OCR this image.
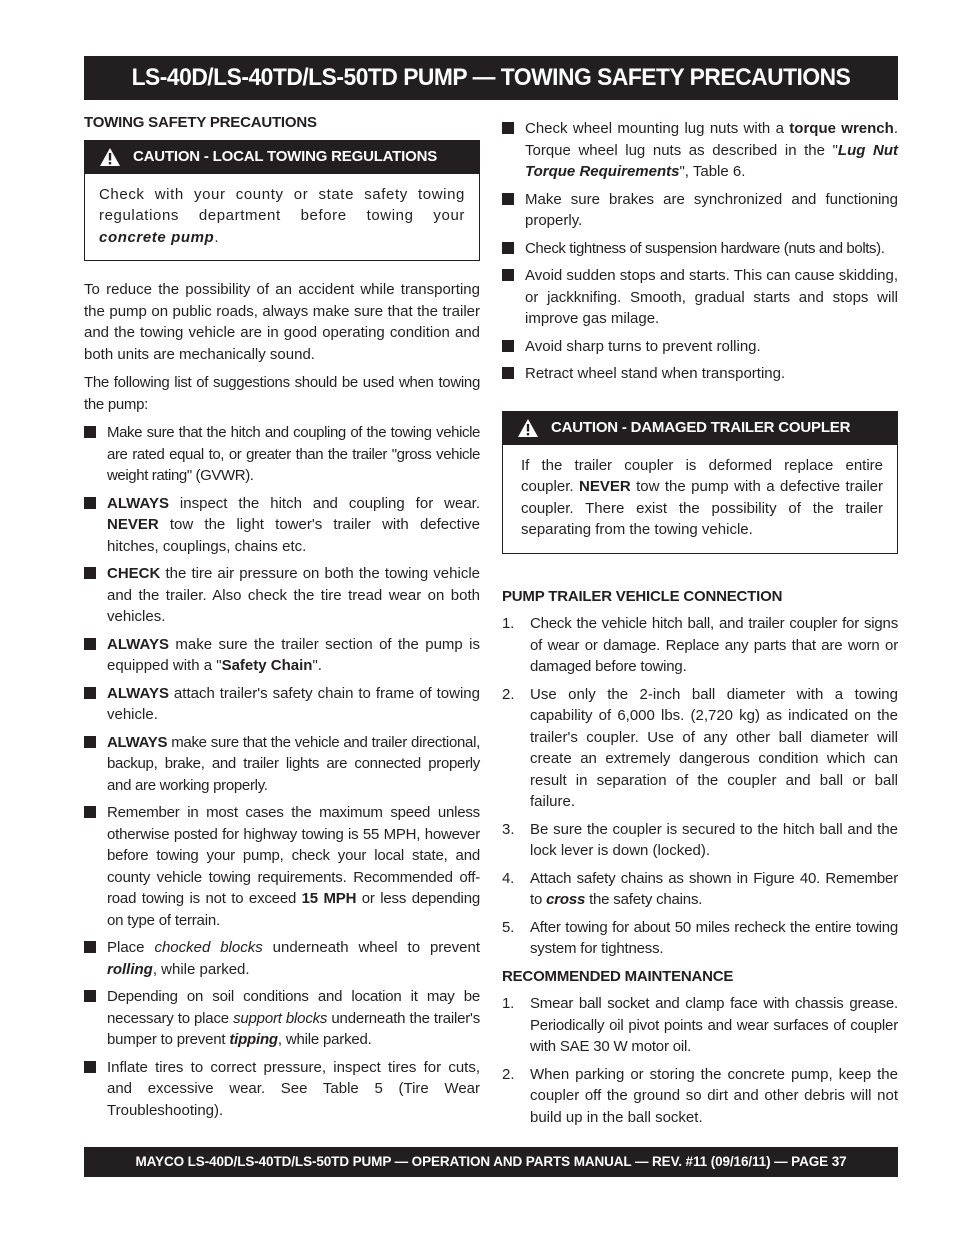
LS-40D/LS-40TD/LS-50TD PUMP — TOWING SAFETY PRECAUTIONS
TOWING SAFETY PRECAUTIONS
CAUTION - LOCAL TOWING REGULATIONS
Check with your county or state safety towing regulations department before towing your concrete pump.

To reduce the possibility of an accident while transporting the pump on public roads, always make sure that the trailer and the towing vehicle are in good operating condition and both units are mechanically sound.

The following list of suggestions should be used when towing the pump:

Make sure that the hitch and coupling of the towing vehicle are rated equal to, or greater than the trailer "gross vehicle weight rating" (GVWR).
ALWAYS inspect the hitch and coupling for wear. NEVER tow the light tower's trailer with defective hitches, couplings, chains etc.
CHECK the tire air pressure on both the towing vehicle and the trailer. Also check the tire tread wear on both vehicles.
ALWAYS make sure the trailer section of the pump is equipped with a "Safety Chain".
ALWAYS attach trailer's safety chain to frame of towing vehicle.
ALWAYS make sure that the vehicle and trailer directional, backup, brake, and trailer lights are connected properly and are working properly.
Remember in most cases the maximum speed unless otherwise posted for highway towing is 55 MPH, however before towing your pump, check your local state, and county vehicle towing requirements. Recommended off-road towing is not to exceed 15 MPH or less depending on type of terrain.
Place chocked blocks underneath wheel to prevent rolling, while parked.
Depending on soil conditions and location it may be necessary to place support blocks underneath the trailer's bumper to prevent tipping, while parked.
Inflate tires to correct pressure, inspect tires for cuts, and excessive wear. See Table 5 (Tire Wear Troubleshooting).
Check wheel mounting lug nuts with a torque wrench. Torque wheel lug nuts as described in the "Lug Nut Torque Requirements", Table 6.
Make sure brakes are synchronized and functioning properly.
Check tightness of suspension hardware (nuts and bolts).
Avoid sudden stops and starts. This can cause skidding, or jackknifing. Smooth, gradual starts and stops will improve gas milage.
Avoid sharp turns to prevent rolling.
Retract wheel stand when transporting.
CAUTION - DAMAGED TRAILER COUPLER
If the trailer coupler is deformed replace entire coupler. NEVER tow the pump with a defective trailer coupler. There exist the possibility of the trailer separating from the towing vehicle.
PUMP TRAILER VEHICLE CONNECTION
1. Check the vehicle hitch ball, and trailer coupler for signs of wear or damage. Replace any parts that are worn or damaged before towing.
2. Use only the 2-inch ball diameter with a towing capability of 6,000 lbs. (2,720 kg) as indicated on the trailer's coupler. Use of any other ball diameter will create an extremely dangerous condition which can result in separation of the coupler and ball or ball failure.
3. Be sure the coupler is secured to the hitch ball and the lock lever is down (locked).
4. Attach safety chains as shown in Figure 40. Remember to cross the safety chains.
5. After towing for about 50 miles recheck the entire towing system for tightness.
RECOMMENDED MAINTENANCE
1. Smear ball socket and clamp face with chassis grease. Periodically oil pivot points and wear surfaces of coupler with SAE 30 W motor oil.
2. When parking or storing the concrete pump, keep the coupler off the ground so dirt and other debris will not build up in the ball socket.
MAYCO LS-40D/LS-40TD/LS-50TD PUMP — OPERATION AND PARTS MANUAL — REV. #11 (09/16/11) — PAGE 37
